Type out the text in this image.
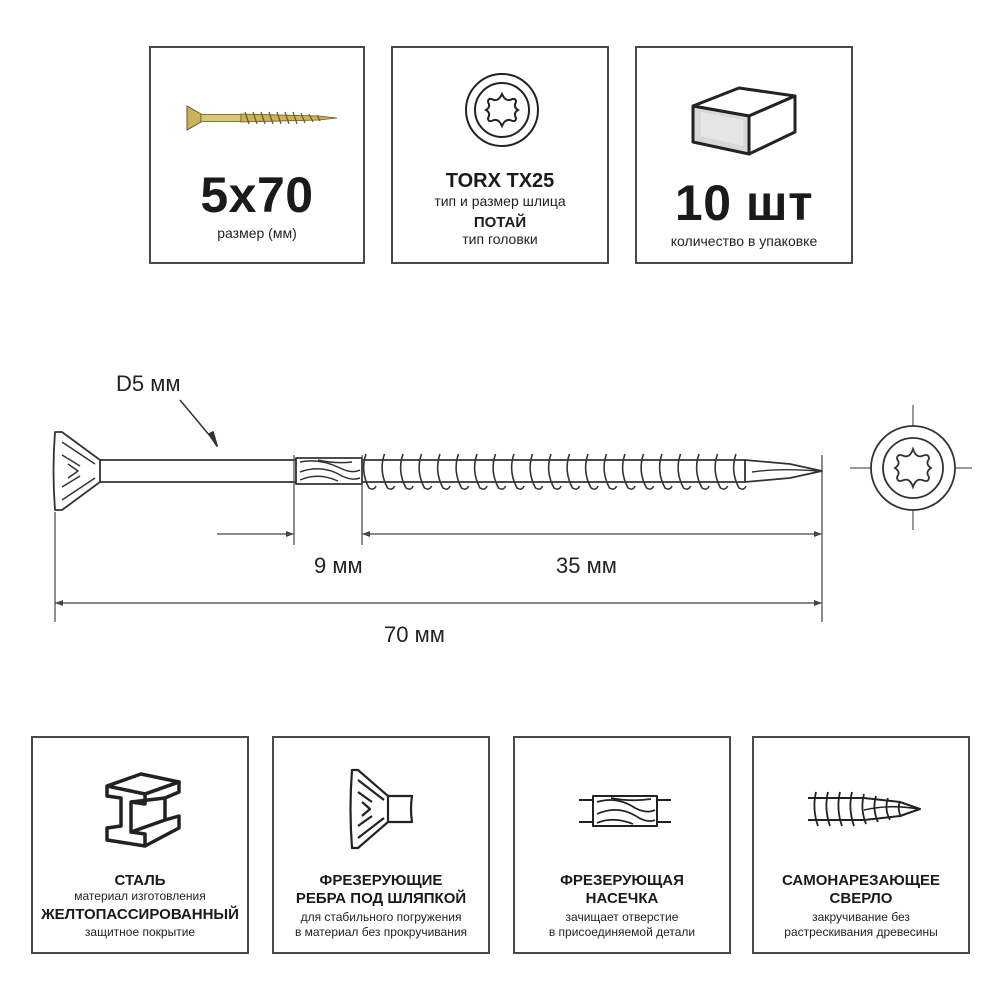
5x70
размер (мм)
TORX TX25
тип и размер шлица
ПОТАЙ
тип головки
10 шт
количество в упаковке
D5 мм
9 мм	35 мм
70 мм
СТАЛЬ
материал изготовления
ЖЕЛТОПАССИРОВАННЫЙ
защитное покрытие
ФРЕЗЕРУЮЩИЕ
РЕБРА ПОД ШЛЯПКОЙ
для стабильного погружения
в материал без прокручивания
ФРЕЗЕРУЮЩАЯ
НАСЕЧКА
зачищает отверстие
в присоединяемой детали
САМОНАРЕЗАЮЩЕЕ
СВЕРЛО
закручивание без
растрескивания древесины
